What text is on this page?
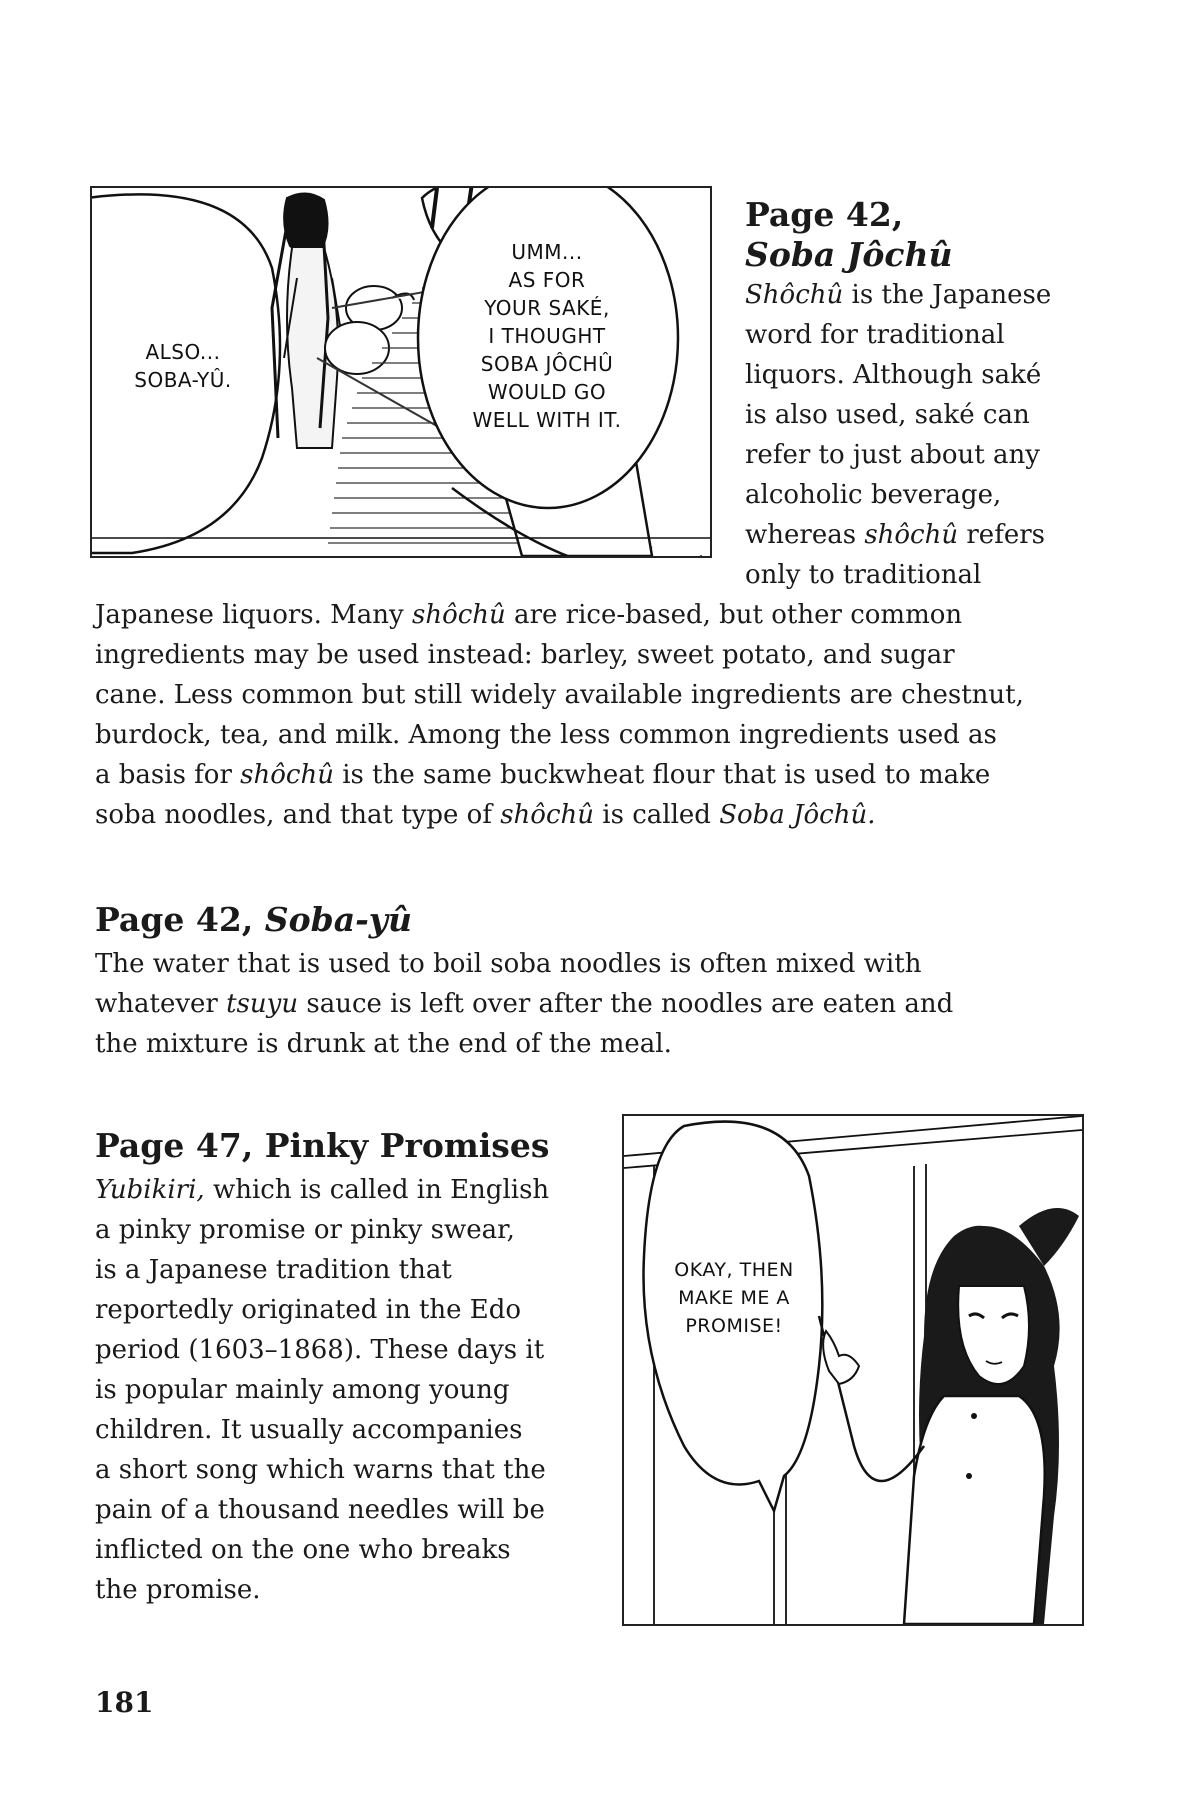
ALSO...
SOBA-YÛ.
UMM...
AS FOR
YOUR SAKÉ,
I THOUGHT
SOBA JÔCHÛ
WOULD GO
WELL WITH IT.
Page 42,
Soba Jôchû
Shôchû is the Japanese
word for traditional
liquors. Although saké
is also used, saké can
refer to just about any
alcoholic beverage,
whereas shôchû refers
only to traditional
Japanese liquors. Many shôchû are rice-based, but other common
ingredients may be used instead: barley, sweet potato, and sugar
cane. Less common but still widely available ingredients are chestnut,
burdock, tea, and milk. Among the less common ingredients used as
a basis for shôchû is the same buckwheat flour that is used to make
soba noodles, and that type of shôchû is called Soba Jôchû.
Page 42, Soba-yû
The water that is used to boil soba noodles is often mixed with
whatever tsuyu sauce is left over after the noodles are eaten and
the mixture is drunk at the end of the meal.
Page 47, Pinky Promises
Yubikiri, which is called in English
a pinky promise or pinky swear,
is a Japanese tradition that
reportedly originated in the Edo
period (1603–1868). These days it
is popular mainly among young
children. It usually accompanies
a short song which warns that the
pain of a thousand needles will be
inflicted on the one who breaks
the promise.
OKAY, THEN
MAKE ME A
PROMISE!
181
